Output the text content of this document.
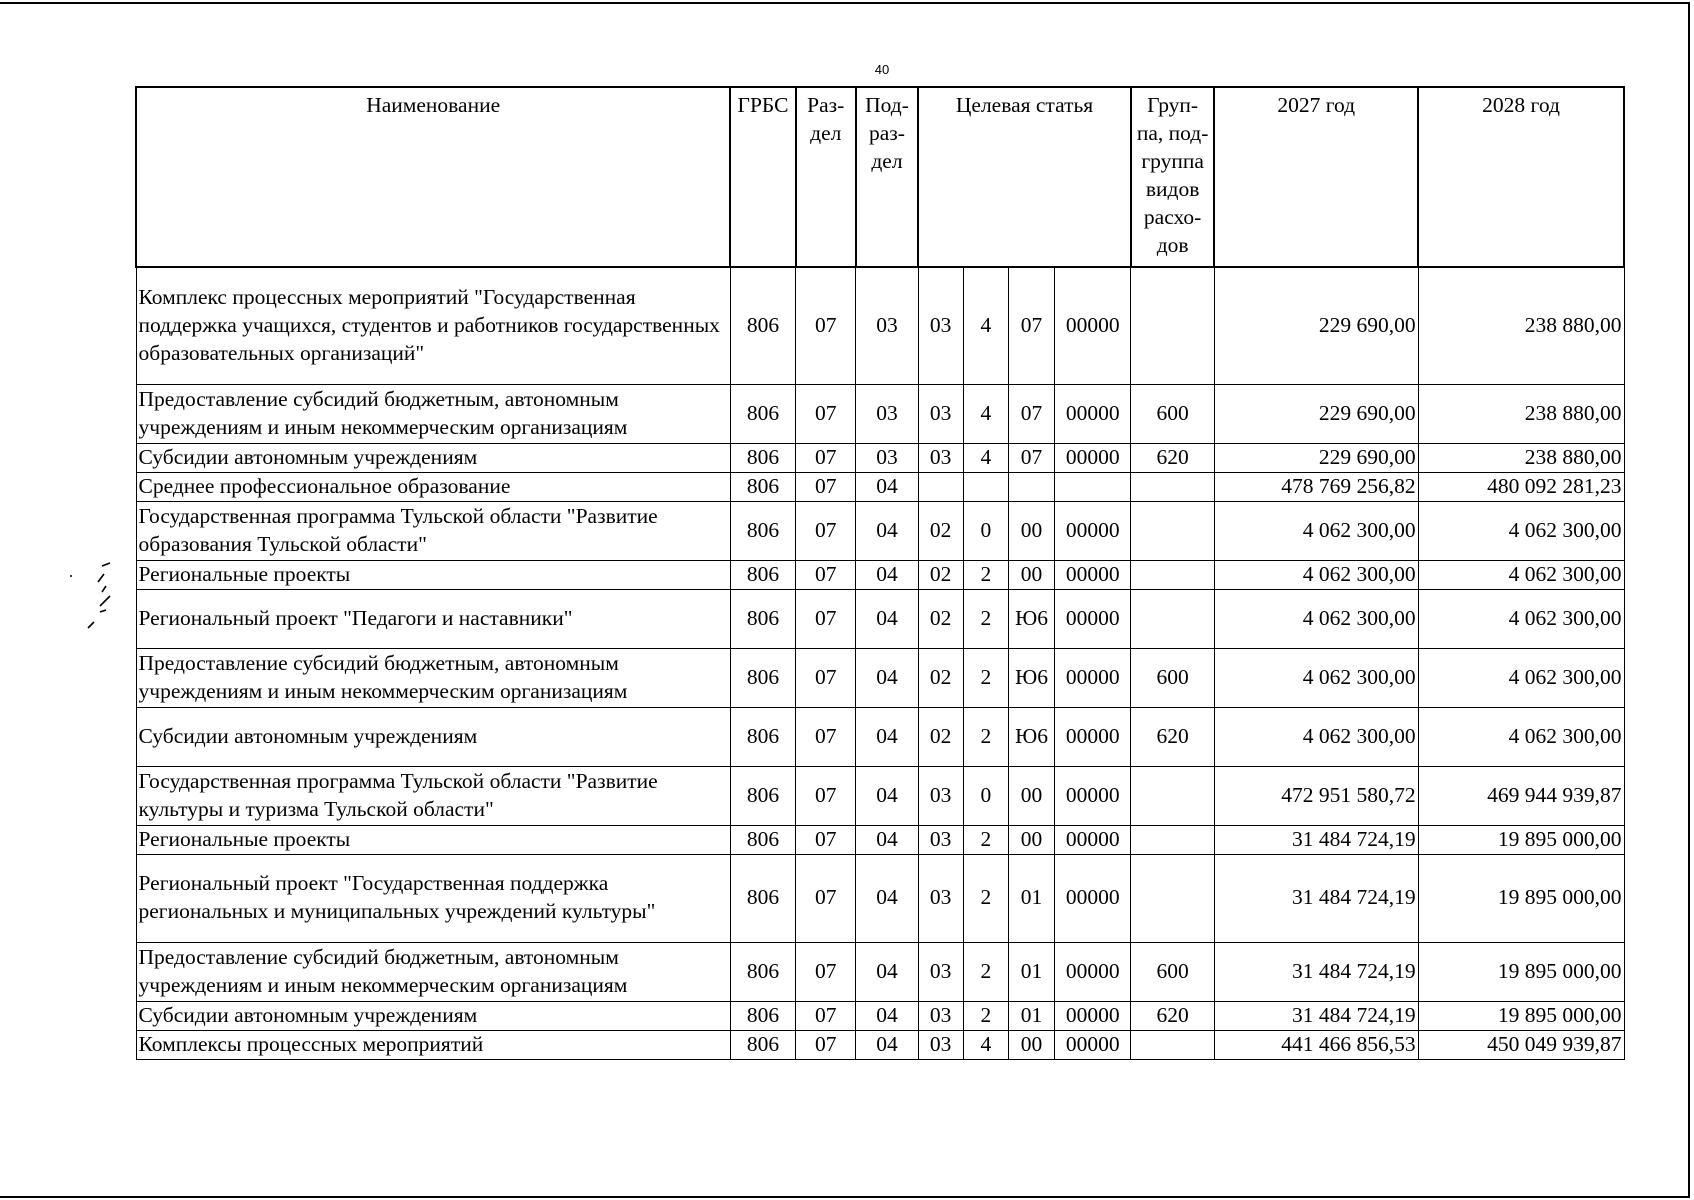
40
Наименование	ГРБС	Раз- дел	Под- раз- дел	Целевая статья				Груп- па, под- группа видов расхо- дов	2027 год	2028 год
Комплекс процессных мероприятий "Государственная поддержка учащихся, студентов и работников государственных образовательных организаций"	806	07	03	03	4	07	00000		229 690,00	238 880,00
Предоставление субсидий бюджетным, автономным учреждениям и иным некоммерческим организациям	806	07	03	03	4	07	00000	600	229 690,00	238 880,00
Субсидии автономным учреждениям	806	07	03	03	4	07	00000	620	229 690,00	238 880,00
Среднее профессиональное образование	806	07	04						478 769 256,82	480 092 281,23
Государственная программа Тульской области "Развитие образования Тульской области"	806	07	04	02	0	00	00000		4 062 300,00	4 062 300,00
Региональные проекты	806	07	04	02	2	00	00000		4 062 300,00	4 062 300,00
Региональный проект "Педагоги и наставники"	806	07	04	02	2	Ю6	00000		4 062 300,00	4 062 300,00
Предоставление субсидий бюджетным, автономным учреждениям и иным некоммерческим организациям	806	07	04	02	2	Ю6	00000	600	4 062 300,00	4 062 300,00
Субсидии автономным учреждениям	806	07	04	02	2	Ю6	00000	620	4 062 300,00	4 062 300,00
Государственная программа Тульской области "Развитие культуры и туризма Тульской области"	806	07	04	03	0	00	00000		472 951 580,72	469 944 939,87
Региональные проекты	806	07	04	03	2	00	00000		31 484 724,19	19 895 000,00
Региональный проект "Государственная поддержка региональных и муниципальных учреждений культуры"	806	07	04	03	2	01	00000		31 484 724,19	19 895 000,00
Предоставление субсидий бюджетным, автономным учреждениям и иным некоммерческим организациям	806	07	04	03	2	01	00000	600	31 484 724,19	19 895 000,00
Субсидии автономным учреждениям	806	07	04	03	2	01	00000	620	31 484 724,19	19 895 000,00
Комплексы процессных мероприятий	806	07	04	03	4	00	00000		441 466 856,53	450 049 939,87
